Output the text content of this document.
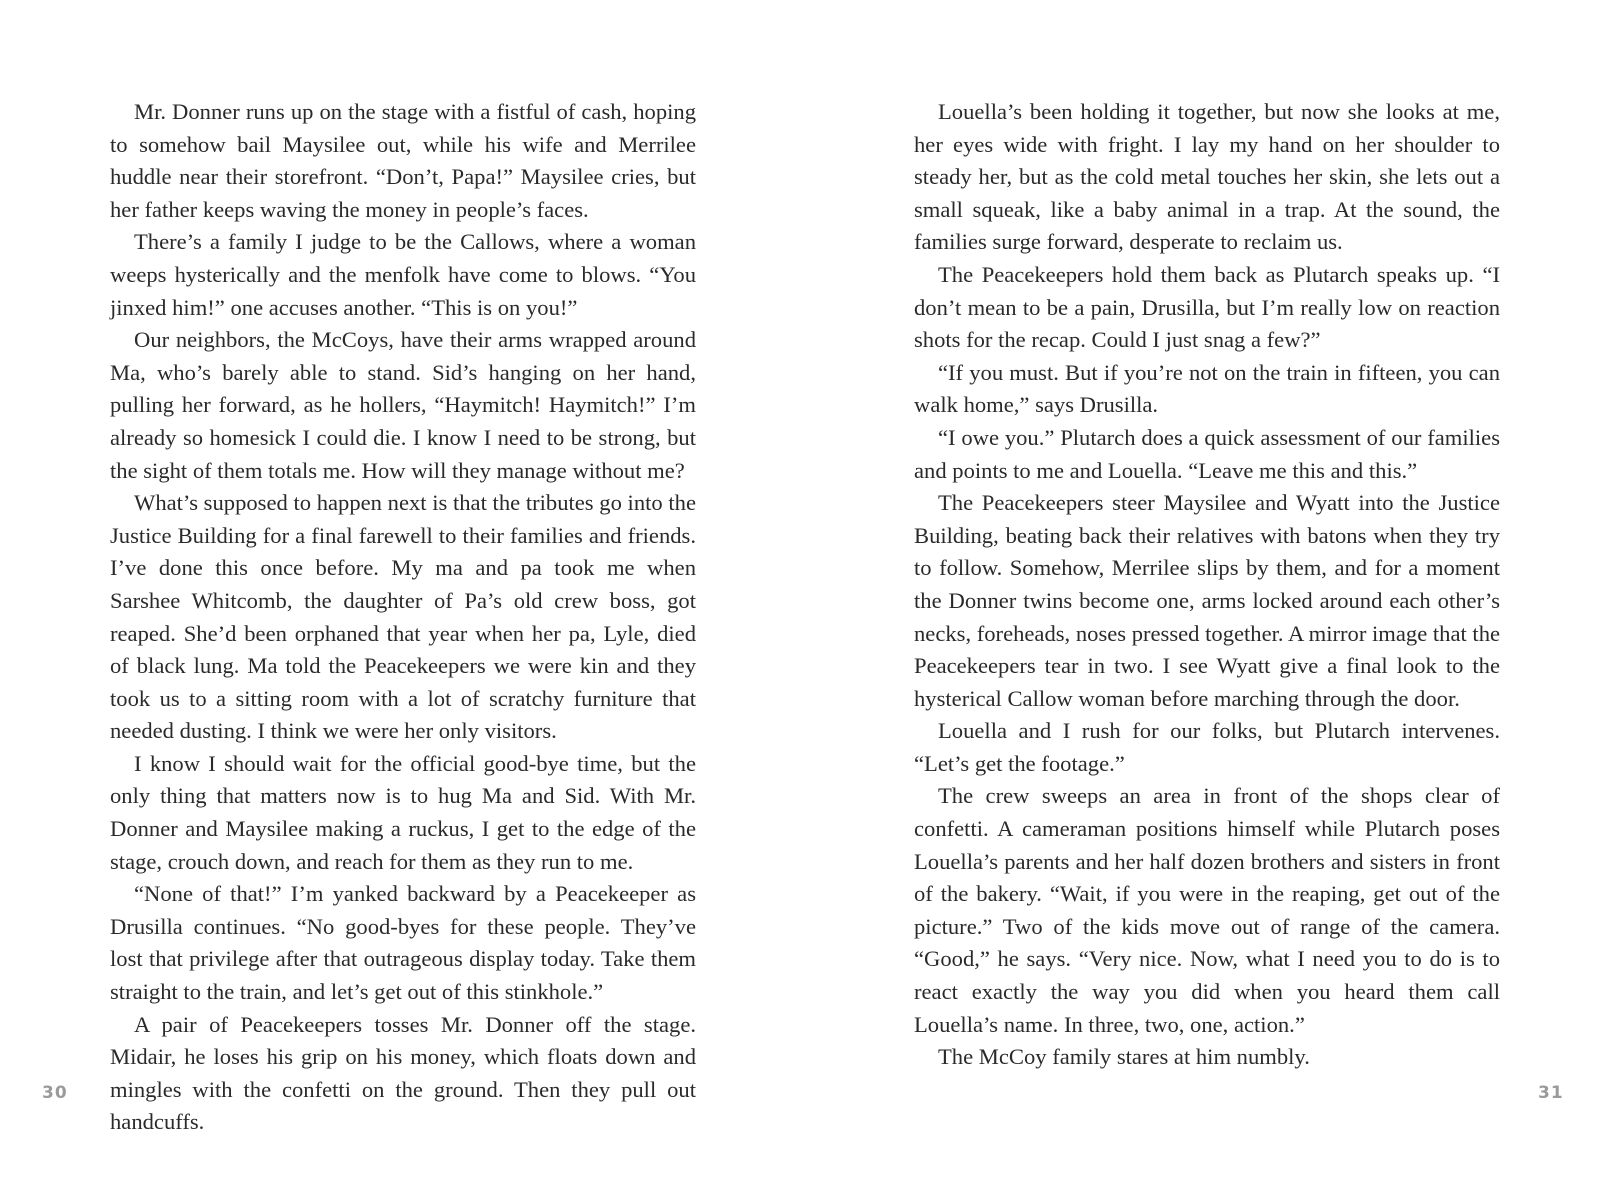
Mr. Donner runs up on the stage with a fistful of cash, hoping to somehow bail Maysilee out, while his wife and Merrilee huddle near their storefront. “Don’t, Papa!” Maysilee cries, but her father keeps waving the money in people’s faces.

There’s a family I judge to be the Callows, where a woman weeps hysterically and the menfolk have come to blows. “You jinxed him!” one accuses another. “This is on you!”

Our neighbors, the McCoys, have their arms wrapped around Ma, who’s barely able to stand. Sid’s hanging on her hand, pulling her forward, as he hollers, “Haymitch! Haymitch!” I’m already so homesick I could die. I know I need to be strong, but the sight of them totals me. How will they manage without me?

What’s supposed to happen next is that the tributes go into the Justice Building for a final farewell to their families and friends. I’ve done this once before. My ma and pa took me when Sarshee Whitcomb, the daughter of Pa’s old crew boss, got reaped. She’d been orphaned that year when her pa, Lyle, died of black lung. Ma told the Peacekeepers we were kin and they took us to a sitting room with a lot of scratchy furniture that needed dusting. I think we were her only visitors.

I know I should wait for the official good-bye time, but the only thing that matters now is to hug Ma and Sid. With Mr. Donner and Maysilee making a ruckus, I get to the edge of the stage, crouch down, and reach for them as they run to me.

“None of that!” I’m yanked backward by a Peacekeeper as Drusilla continues. “No good-byes for these people. They’ve lost that privilege after that outrageous display today. Take them straight to the train, and let’s get out of this stinkhole.”

A pair of Peacekeepers tosses Mr. Donner off the stage. Midair, he loses his grip on his money, which floats down and mingles with the confetti on the ground. Then they pull out handcuffs.

30

Louella’s been holding it together, but now she looks at me, her eyes wide with fright. I lay my hand on her shoulder to steady her, but as the cold metal touches her skin, she lets out a small squeak, like a baby animal in a trap. At the sound, the families surge forward, desperate to reclaim us.

The Peacekeepers hold them back as Plutarch speaks up. “I don’t mean to be a pain, Drusilla, but I’m really low on reaction shots for the recap. Could I just snag a few?”

“If you must. But if you’re not on the train in fifteen, you can walk home,” says Drusilla.

“I owe you.” Plutarch does a quick assessment of our families and points to me and Louella. “Leave me this and this.”

The Peacekeepers steer Maysilee and Wyatt into the Justice Building, beating back their relatives with batons when they try to follow. Somehow, Merrilee slips by them, and for a moment the Donner twins become one, arms locked around each other’s necks, foreheads, noses pressed together. A mirror image that the Peacekeepers tear in two. I see Wyatt give a final look to the hysterical Callow woman before marching through the door.

Louella and I rush for our folks, but Plutarch intervenes. “Let’s get the footage.”

The crew sweeps an area in front of the shops clear of confetti. A cameraman positions himself while Plutarch poses Louella’s parents and her half dozen brothers and sisters in front of the bakery. “Wait, if you were in the reaping, get out of the picture.” Two of the kids move out of range of the camera. “Good,” he says. “Very nice. Now, what I need you to do is to react exactly the way you did when you heard them call Louella’s name. In three, two, one, action.”

The McCoy family stares at him numbly.

31
